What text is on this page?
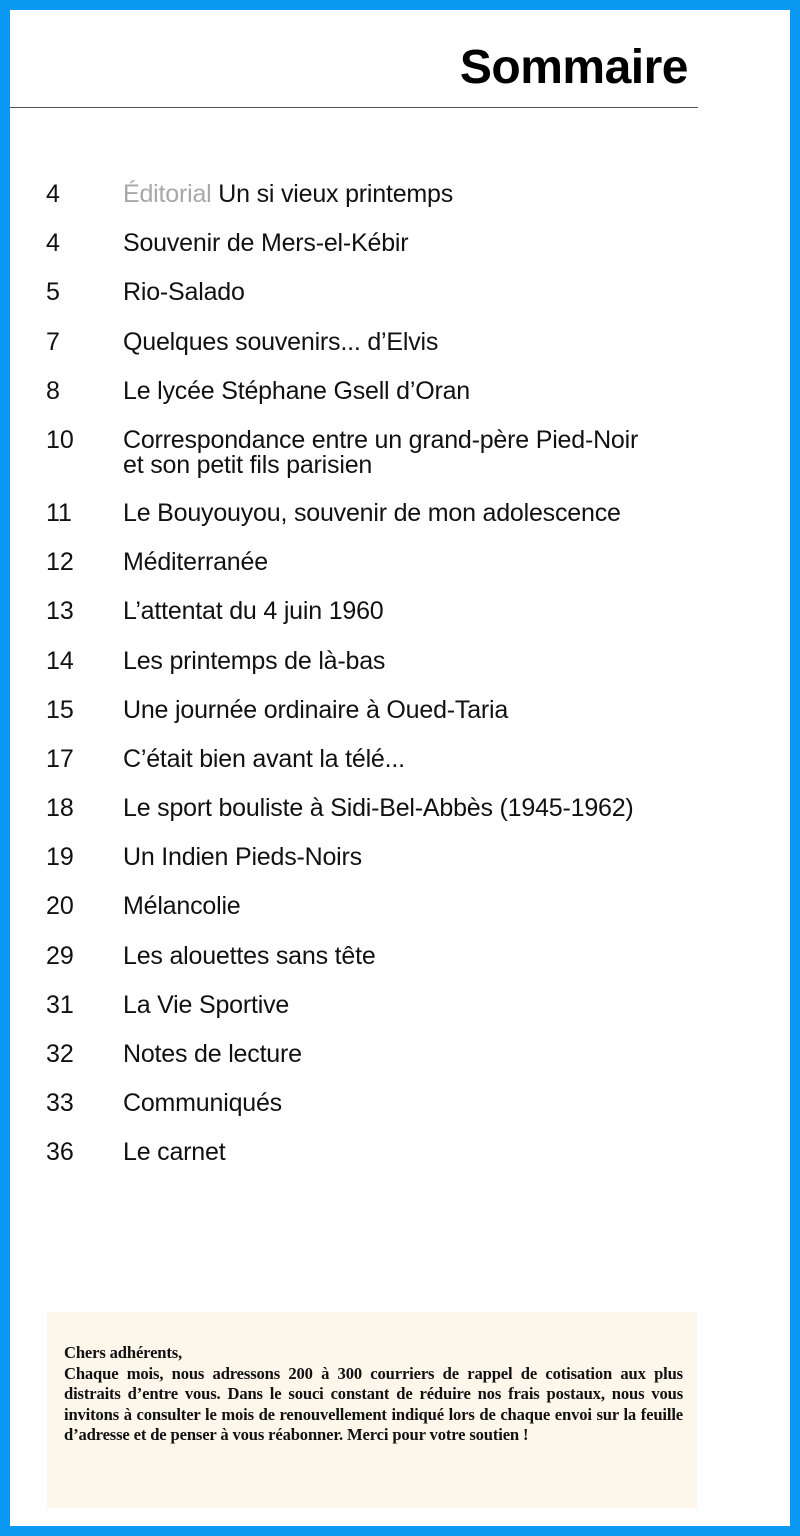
Sommaire
4	Éditorial Un si vieux printemps
4	Souvenir de Mers-el-Kébir
5	Rio-Salado
7	Quelques souvenirs... d’Elvis
8	Le lycée Stéphane Gsell d’Oran
10	Correspondance entre un grand-père Pied-Noir
et son petit fils parisien
11	Le Bouyouyou, souvenir de mon adolescence
12	Méditerranée
13	L’attentat du 4 juin 1960
14	Les printemps de là-bas
15	Une journée ordinaire à Oued-Taria
17	C’était bien avant la télé...
18	Le sport bouliste à Sidi-Bel-Abbès (1945-1962)
19	Un Indien Pieds-Noirs
20	Mélancolie
29	Les alouettes sans tête
31	La Vie Sportive
32	Notes de lecture
33	Communiqués
36	Le carnet

Chers adhérents,

Chaque mois, nous adressons 200 à 300 courriers de rappel de cotisation aux plus distraits d’entre vous. Dans le souci constant de réduire nos frais postaux, nous vous invitons à consulter le mois de renouvellement indiqué lors de chaque envoi sur la feuille d’adresse et de penser à vous réabonner. Merci pour votre soutien !
